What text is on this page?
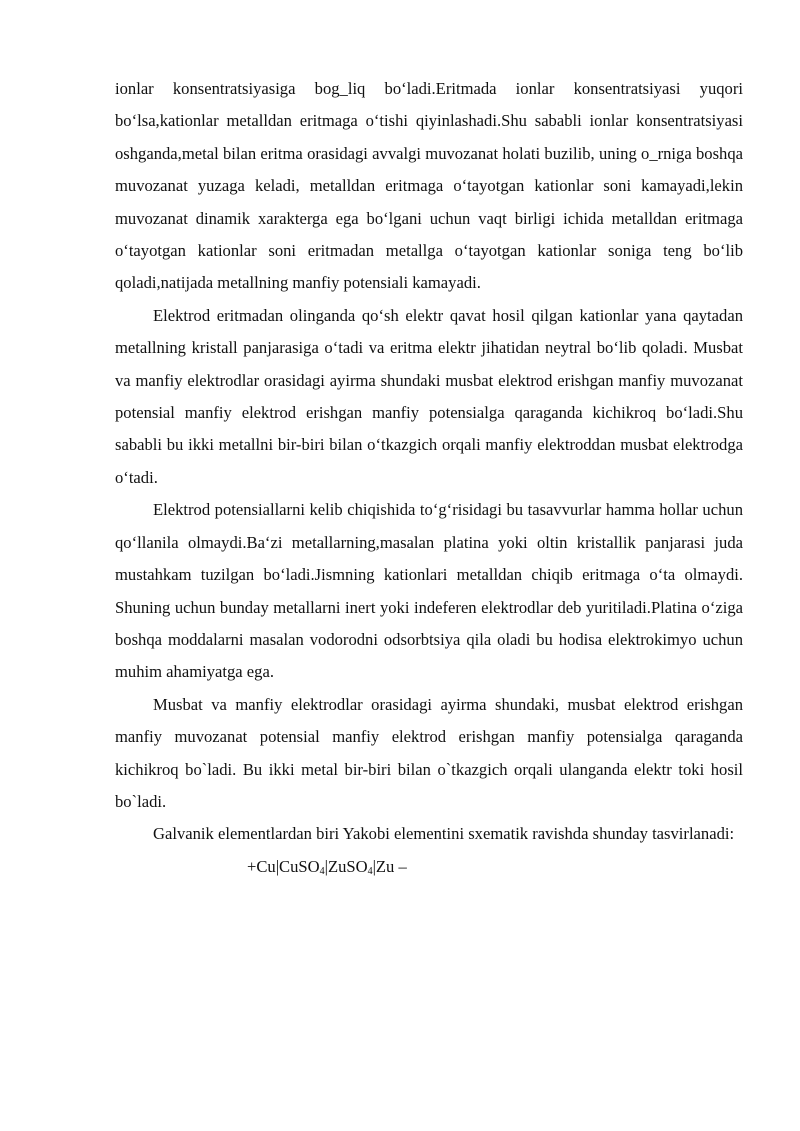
ionlar konsentratsiyasiga bog_liq bo‘ladi.Eritmada ionlar konsentratsiyasi yuqori bo‘lsa,kationlar metalldan eritmaga o‘tishi qiyinlashadi.Shu sababli ionlar konsentratsiyasi oshganda,metal bilan eritma orasidagi avvalgi muvozanat holati buzilib, uning o_rniga boshqa muvozanat yuzaga keladi, metalldan eritmaga o‘tayotgan kationlar soni kamayadi,lekin muvozanat dinamik xarakterga ega bo‘lgani uchun vaqt birligi ichida metalldan eritmaga o‘tayotgan kationlar soni eritmadan metallga o‘tayotgan kationlar soniga teng bo‘lib qoladi,natijada metallning manfiy potensiali kamayadi.

Elektrod eritmadan olinganda qo‘sh elektr qavat hosil qilgan kationlar yana qaytadan metallning kristall panjarasiga o‘tadi va eritma elektr jihatidan neytral bo‘lib qoladi. Musbat va manfiy elektrodlar orasidagi ayirma shundaki musbat elektrod erishgan manfiy muvozanat potensial manfiy elektrod erishgan manfiy potensialga qaraganda kichikroq bo‘ladi.Shu sababli bu ikki metallni bir-biri bilan o‘tkazgich orqali manfiy elektroddan musbat elektrodga o‘tadi.

Elektrod potensiallarni kelib chiqishida to‘g‘risidagi bu tasavvurlar hamma hollar uchun qo‘llanila olmaydi.Ba‘zi metallarning,masalan platina yoki oltin kristallik panjarasi juda mustahkam tuzilgan bo‘ladi.Jismning kationlari metalldan chiqib eritmaga o‘ta olmaydi. Shuning uchun bunday metallarni inert yoki indeferen elektrodlar deb yuritiladi.Platina o‘ziga boshqa moddalarni masalan vodorodni odsorbtsiya qila oladi bu hodisa elektrokimyo uchun muhim ahamiyatga ega.

Musbat va manfiy elektrodlar orasidagi ayirma shundaki, musbat elektrod erishgan manfiy muvozanat potensial manfiy elektrod erishgan manfiy potensialga qaraganda kichikroq bo`ladi. Bu ikki metal bir-biri bilan o`tkazgich orqali ulanganda elektr toki hosil bo`ladi.

Galvanik elementlardan biri Yakobi elementini sxematik ravishda shunday tasvirlanadi:

+Cu|CuSO$_4$|ZuSO$_4$|Zu –
